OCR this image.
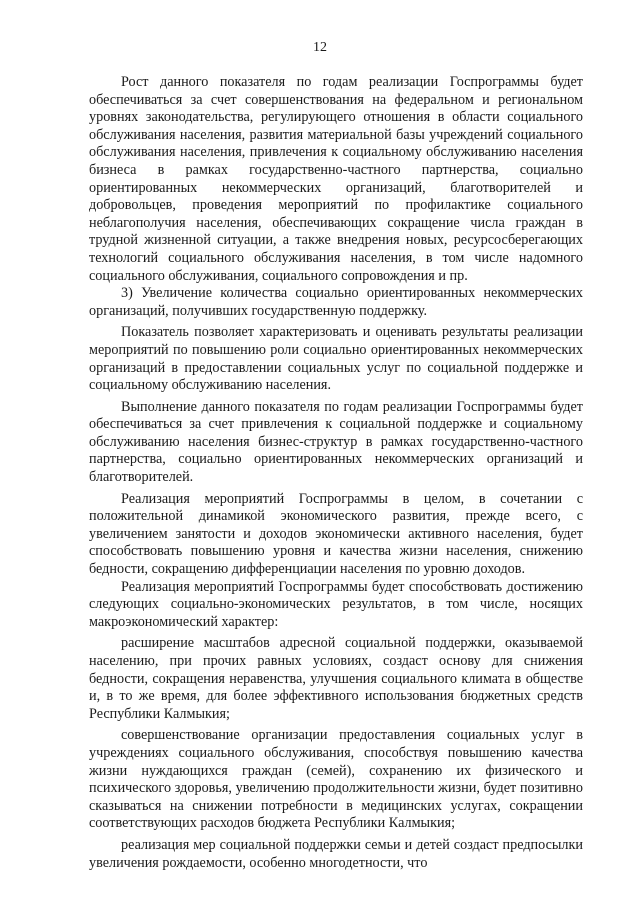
12

Рост данного показателя по годам реализации Госпрограммы будет обеспечиваться за счет совершенствования на федеральном и региональном уровнях законодательства, регулирующего отношения в области социального обслуживания населения, развития материальной базы учреждений социального обслуживания населения, привлечения к социальному обслуживанию населения бизнеса в рамках государственно-частного партнерства, социально ориентированных некоммерческих организаций, благотворителей и добровольцев, проведения мероприятий по профилактике социального неблагополучия населения, обеспечивающих сокращение числа граждан в трудной жизненной ситуации, а также внедрения новых, ресурсосберегающих технологий социального обслуживания населения, в том числе надомного социального обслуживания, социального сопровождения и пр.

3) Увеличение количества социально ориентированных некоммерческих организаций, получивших государственную поддержку.

Показатель позволяет характеризовать и оценивать результаты реализации мероприятий по повышению роли социально ориентированных некоммерческих организаций в предоставлении социальных услуг по социальной поддержке и социальному обслуживанию населения.

Выполнение данного показателя по годам реализации Госпрограммы будет обеспечиваться за счет привлечения к социальной поддержке и социальному обслуживанию населения бизнес-структур в рамках государственно-частного партнерства, социально ориентированных некоммерческих организаций и благотворителей.

Реализация мероприятий Госпрограммы в целом, в сочетании с положительной динамикой экономического развития, прежде всего, с увеличением занятости и доходов экономически активного населения, будет способствовать повышению уровня и качества жизни населения, снижению бедности, сокращению дифференциации населения по уровню доходов.

Реализация мероприятий Госпрограммы будет способствовать достижению следующих социально-экономических результатов, в том числе, носящих макроэкономический характер:

расширение масштабов адресной социальной поддержки, оказываемой населению, при прочих равных условиях, создаст основу для снижения бедности, сокращения неравенства, улучшения социального климата в обществе и, в то же время, для более эффективного использования бюджетных средств Республики Калмыкия;

совершенствование организации предоставления социальных услуг в учреждениях социального обслуживания, способствуя повышению качества жизни нуждающихся граждан (семей), сохранению их физического и психического здоровья, увеличению продолжительности жизни, будет позитивно сказываться на снижении потребности в медицинских услугах, сокращении соответствующих расходов бюджета Республики Калмыкия;

реализация мер социальной поддержки семьи и детей создаст предпосылки увеличения рождаемости, особенно многодетности, что
